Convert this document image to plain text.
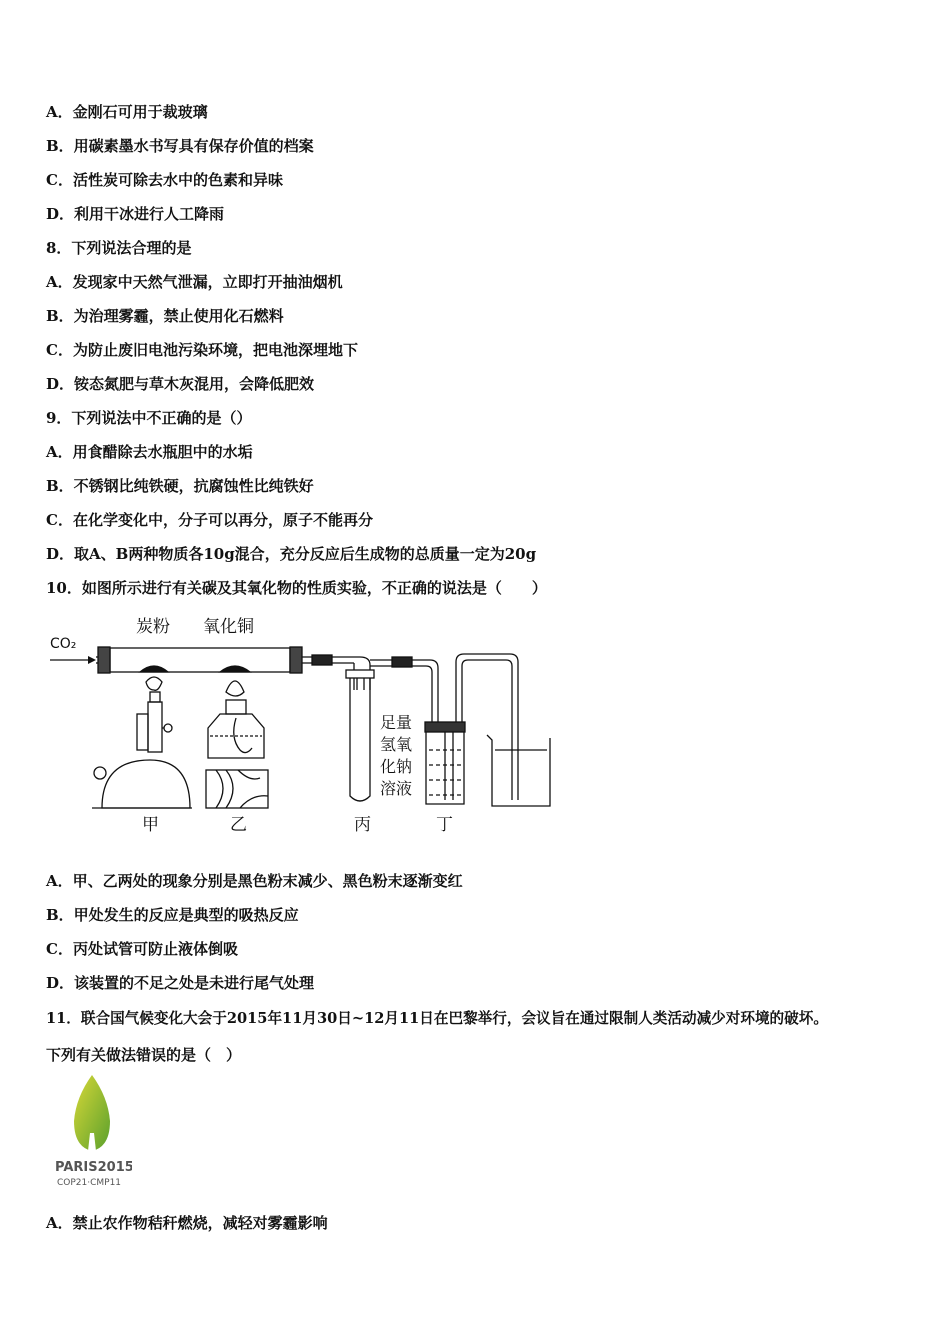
A．金刚石可用于裁玻璃
B．用碳素墨水书写具有保存价值的档案
C．活性炭可除去水中的色素和异味
D．利用干冰进行人工降雨
8．下列说法合理的是
A．发现家中天然气泄漏，立即打开抽油烟机
B．为治理雾霾，禁止使用化石燃料
C．为防止废旧电池污染环境，把电池深埋地下
D．铵态氮肥与草木灰混用，会降低肥效
9．下列说法中不正确的是（）
A．用食醋除去水瓶胆中的水垢
B．不锈钢比纯铁硬，抗腐蚀性比纯铁好
C．在化学变化中，分子可以再分，原子不能再分
D．取A、B两种物质各10g混合，充分反应后生成物的总质量一定为20g
10．如图所示进行有关碳及其氧化物的性质实验，不正确的说法是（　　）
CO₂
炭粉 氧化铜
足量
氢氧
化钠
溶液
甲	乙	丙	丁
A．甲、乙两处的现象分别是黑色粉末减少、黑色粉末逐渐变红
B．甲处发生的反应是典型的吸热反应
C．丙处试管可防止液体倒吸
D．该装置的不足之处是未进行尾气处理
11．联合国气候变化大会于2015年11月30日~12月11日在巴黎举行，会议旨在通过限制人类活动减少对环境的破坏。
下列有关做法错误的是（　）
PARIS2015
COP21·CMP11
A．禁止农作物秸秆燃烧，减轻对雾霾影响
